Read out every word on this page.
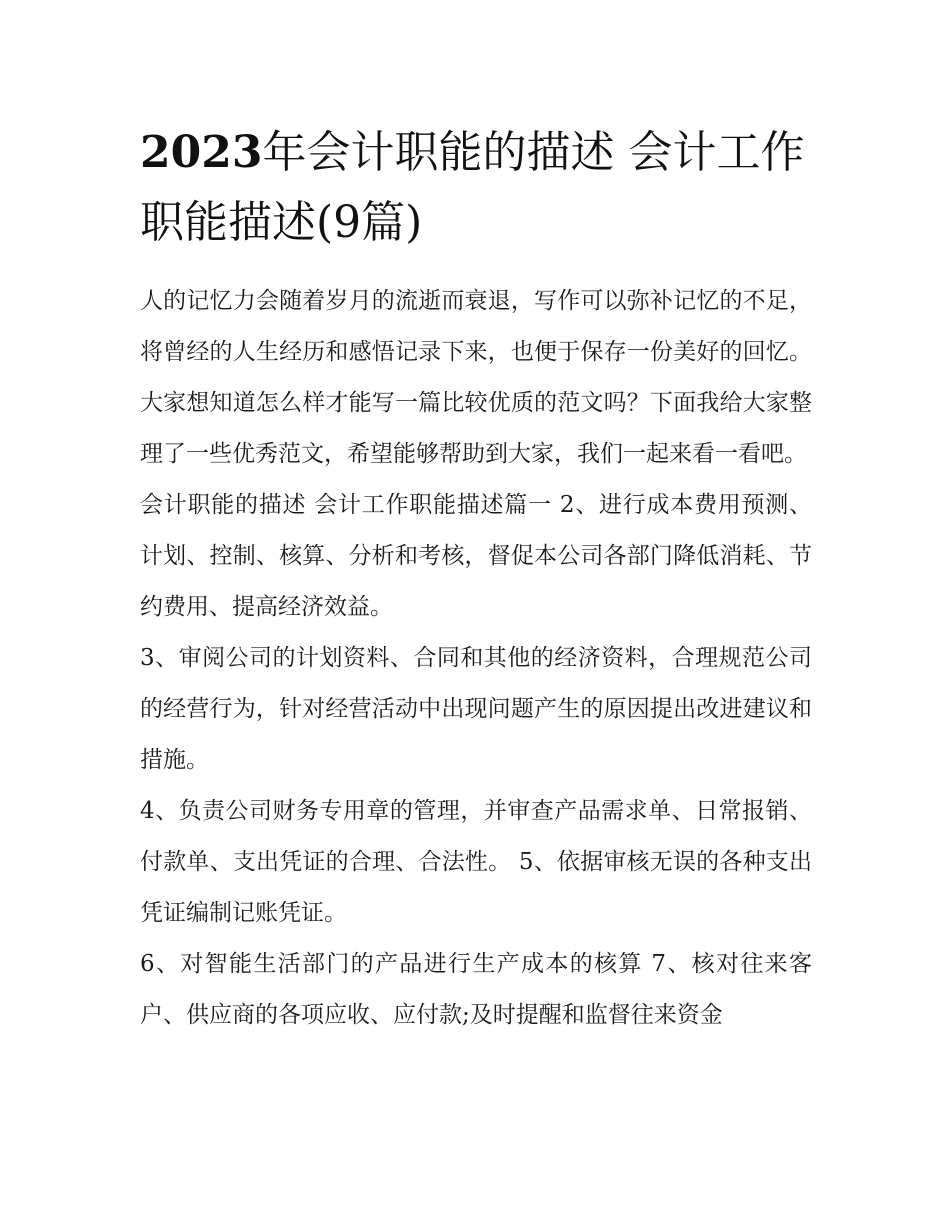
2023年会计职能的描述 会计工作职能描述(9篇)

人的记忆力会随着岁月的流逝而衰退，写作可以弥补记忆的不足，将曾经的人生经历和感悟记录下来，也便于保存一份美好的回忆。大家想知道怎么样才能写一篇比较优质的范文吗？下面我给大家整理了一些优秀范文，希望能够帮助到大家，我们一起来看一看吧。

会计职能的描述 会计工作职能描述篇一 2、进行成本费用预测、计划、控制、核算、分析和考核，督促本公司各部门降低消耗、节约费用、提高经济效益。

3、审阅公司的计划资料、合同和其他的经济资料，合理规范公司的经营行为，针对经营活动中出现问题产生的原因提出改进建议和措施。

4、负责公司财务专用章的管理，并审查产品需求单、日常报销、付款单、支出凭证的合理、合法性。 5、依据审核无误的各种支出凭证编制记账凭证。

6、对智能生活部门的产品进行生产成本的核算 7、核对往来客户、供应商的各项应收、应付款;及时提醒和监督往来资金
